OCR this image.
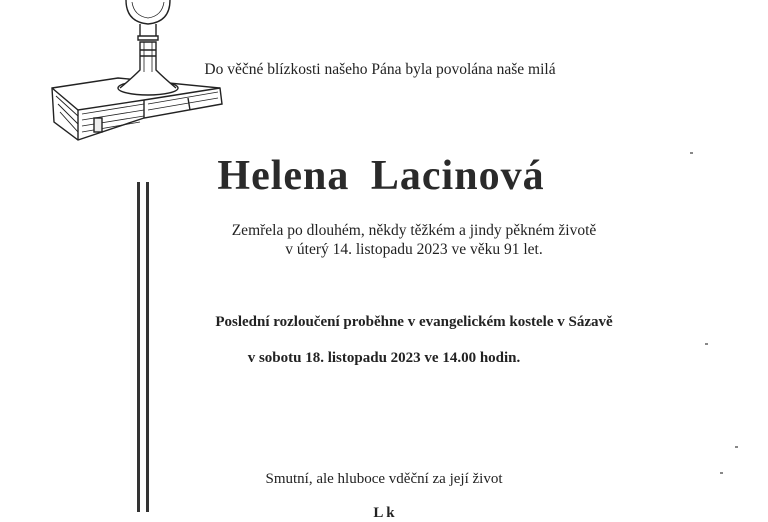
Do věčné blízkosti našeho Pána byla povolána naše milá
Helena Lacinová
Zemřela po dlouhém, někdy těžkém a jindy pěkném životě
v úterý 14. listopadu 2023 ve věku 91 let.
Poslední rozloučení proběhne v evangelickém kostele v Sázavě
v sobotu 18. listopadu 2023 ve 14.00 hodin.
Smutní, ale hluboce vděční za její život
L k
